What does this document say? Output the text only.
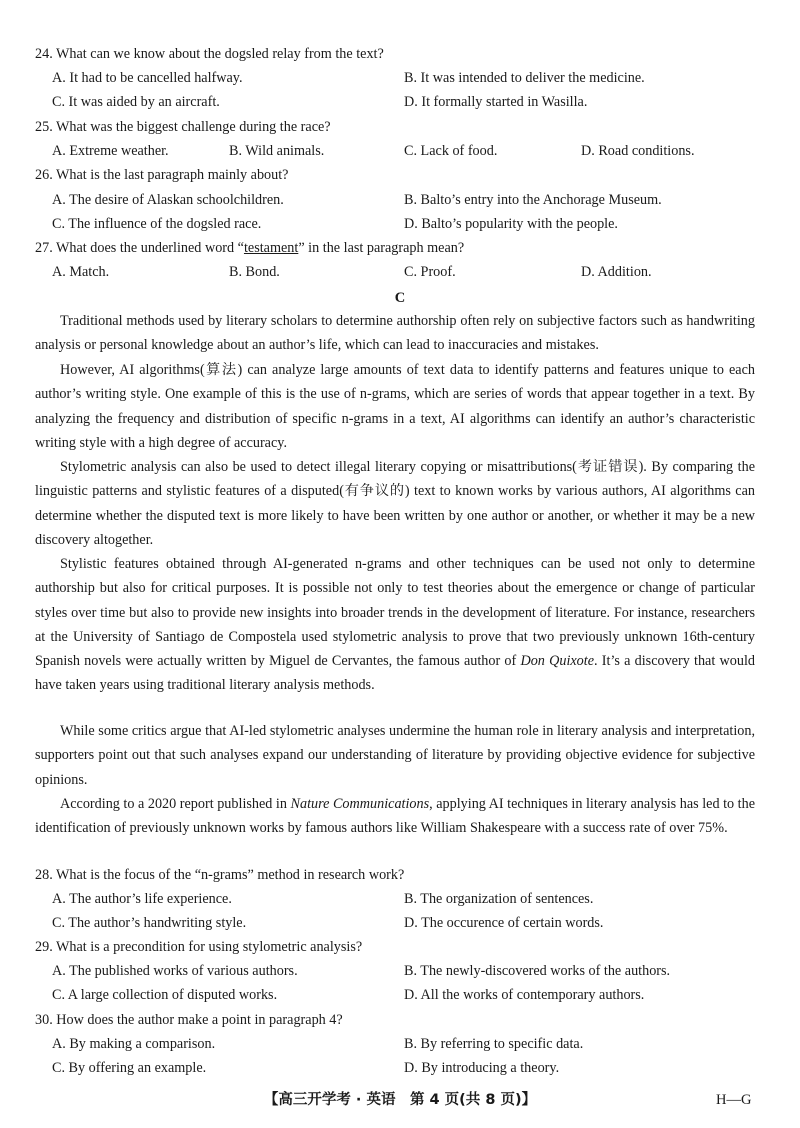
24. What can we know about the dogsled relay from the text?
A. It had to be cancelled halfway.	B. It was intended to deliver the medicine.
C. It was aided by an aircraft.	D. It formally started in Wasilla.
25. What was the biggest challenge during the race?
A. Extreme weather.	B. Wild animals.	C. Lack of food.	D. Road conditions.
26. What is the last paragraph mainly about?
A. The desire of Alaskan schoolchildren.	B. Balto’s entry into the Anchorage Museum.
C. The influence of the dogsled race.	D. Balto’s popularity with the people.
27. What does the underlined word “testament” in the last paragraph mean?
A. Match.	B. Bond.	C. Proof.	D. Addition.
C
Traditional methods used by literary scholars to determine authorship often rely on subjective factors such as handwriting analysis or personal knowledge about an author’s life, which can lead to inaccuracies and mistakes.
However, AI algorithms(算法) can analyze large amounts of text data to identify patterns and features unique to each author’s writing style. One example of this is the use of n-grams, which are series of words that appear together in a text. By analyzing the frequency and distribution of specific n-grams in a text, AI algorithms can identify an author’s characteristic writing style with a high degree of accuracy.
Stylometric analysis can also be used to detect illegal literary copying or misattributions(考证错误). By comparing the linguistic patterns and stylistic features of a disputed(有争议的) text to known works by various authors, AI algorithms can determine whether the disputed text is more likely to have been written by one author or another, or whether it may be a new discovery altogether.
Stylistic features obtained through AI-generated n-grams and other techniques can be used not only to determine authorship but also for critical purposes. It is possible not only to test theories about the emergence or change of particular styles over time but also to provide new insights into broader trends in the development of literature. For instance, researchers at the University of Santiago de Compostela used stylometric analysis to prove that two previously unknown 16th-century Spanish novels were actually written by Miguel de Cervantes, the famous author of Don Quixote. It’s a discovery that would have taken years using traditional literary analysis methods.
While some critics argue that AI-led stylometric analyses undermine the human role in literary analysis and interpretation, supporters point out that such analyses expand our understanding of literature by providing objective evidence for subjective opinions.
According to a 2020 report published in Nature Communications, applying AI techniques in literary analysis has led to the identification of previously unknown works by famous authors like William Shakespeare with a success rate of over 75%.
28. What is the focus of the “n-grams” method in research work?
A. The author’s life experience.	B. The organization of sentences.
C. The author’s handwriting style.	D. The occurence of certain words.
29. What is a precondition for using stylometric analysis?
A. The published works of various authors.	B. The newly-discovered works of the authors.
C. A large collection of disputed works.	D. All the works of contemporary authors.
30. How does the author make a point in paragraph 4?
A. By making a comparison.	B. By referring to specific data.
C. By offering an example.	D. By introducing a theory.
【高三开学考 · 英语　第 4 页(共 8 页)】	H—G
